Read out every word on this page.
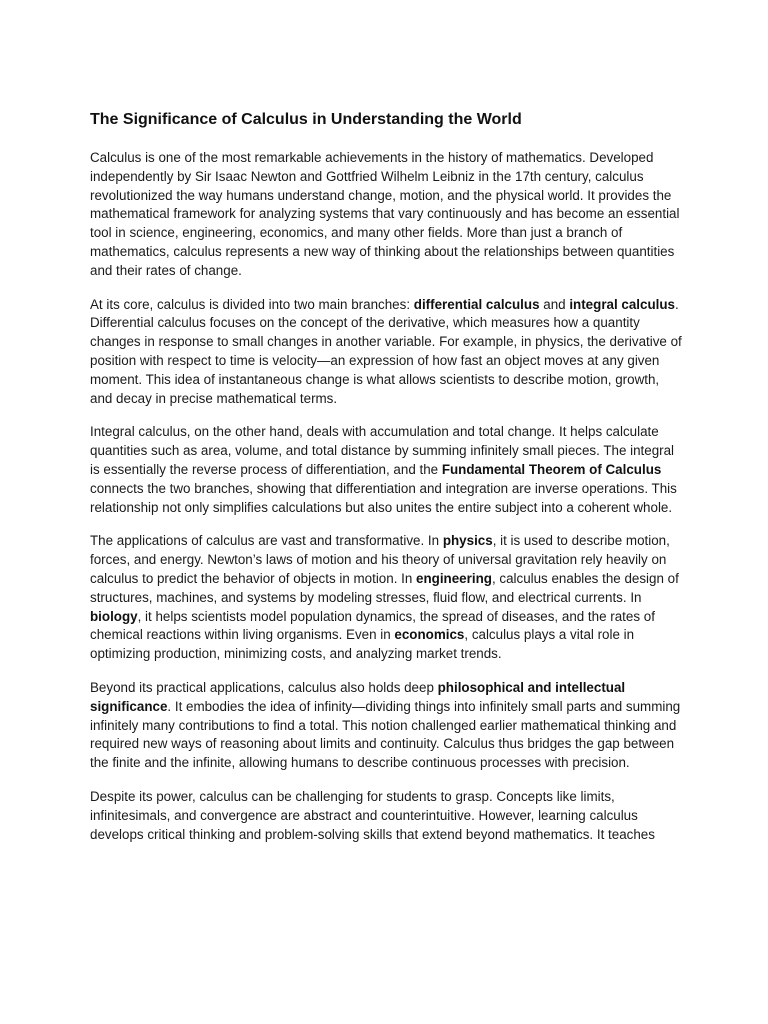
The Significance of Calculus in Understanding the World

Calculus is one of the most remarkable achievements in the history of mathematics. Developed independently by Sir Isaac Newton and Gottfried Wilhelm Leibniz in the 17th century, calculus revolutionized the way humans understand change, motion, and the physical world. It provides the mathematical framework for analyzing systems that vary continuously and has become an essential tool in science, engineering, economics, and many other fields. More than just a branch of mathematics, calculus represents a new way of thinking about the relationships between quantities and their rates of change.

At its core, calculus is divided into two main branches: differential calculus and integral calculus. Differential calculus focuses on the concept of the derivative, which measures how a quantity changes in response to small changes in another variable. For example, in physics, the derivative of position with respect to time is velocity—an expression of how fast an object moves at any given moment. This idea of instantaneous change is what allows scientists to describe motion, growth, and decay in precise mathematical terms.

Integral calculus, on the other hand, deals with accumulation and total change. It helps calculate quantities such as area, volume, and total distance by summing infinitely small pieces. The integral is essentially the reverse process of differentiation, and the Fundamental Theorem of Calculus connects the two branches, showing that differentiation and integration are inverse operations. This relationship not only simplifies calculations but also unites the entire subject into a coherent whole.

The applications of calculus are vast and transformative. In physics, it is used to describe motion, forces, and energy. Newton’s laws of motion and his theory of universal gravitation rely heavily on calculus to predict the behavior of objects in motion. In engineering, calculus enables the design of structures, machines, and systems by modeling stresses, fluid flow, and electrical currents. In biology, it helps scientists model population dynamics, the spread of diseases, and the rates of chemical reactions within living organisms. Even in economics, calculus plays a vital role in optimizing production, minimizing costs, and analyzing market trends.

Beyond its practical applications, calculus also holds deep philosophical and intellectual significance. It embodies the idea of infinity—dividing things into infinitely small parts and summing infinitely many contributions to find a total. This notion challenged earlier mathematical thinking and required new ways of reasoning about limits and continuity. Calculus thus bridges the gap between the finite and the infinite, allowing humans to describe continuous processes with precision.

Despite its power, calculus can be challenging for students to grasp. Concepts like limits, infinitesimals, and convergence are abstract and counterintuitive. However, learning calculus develops critical thinking and problem-solving skills that extend beyond mathematics. It teaches
